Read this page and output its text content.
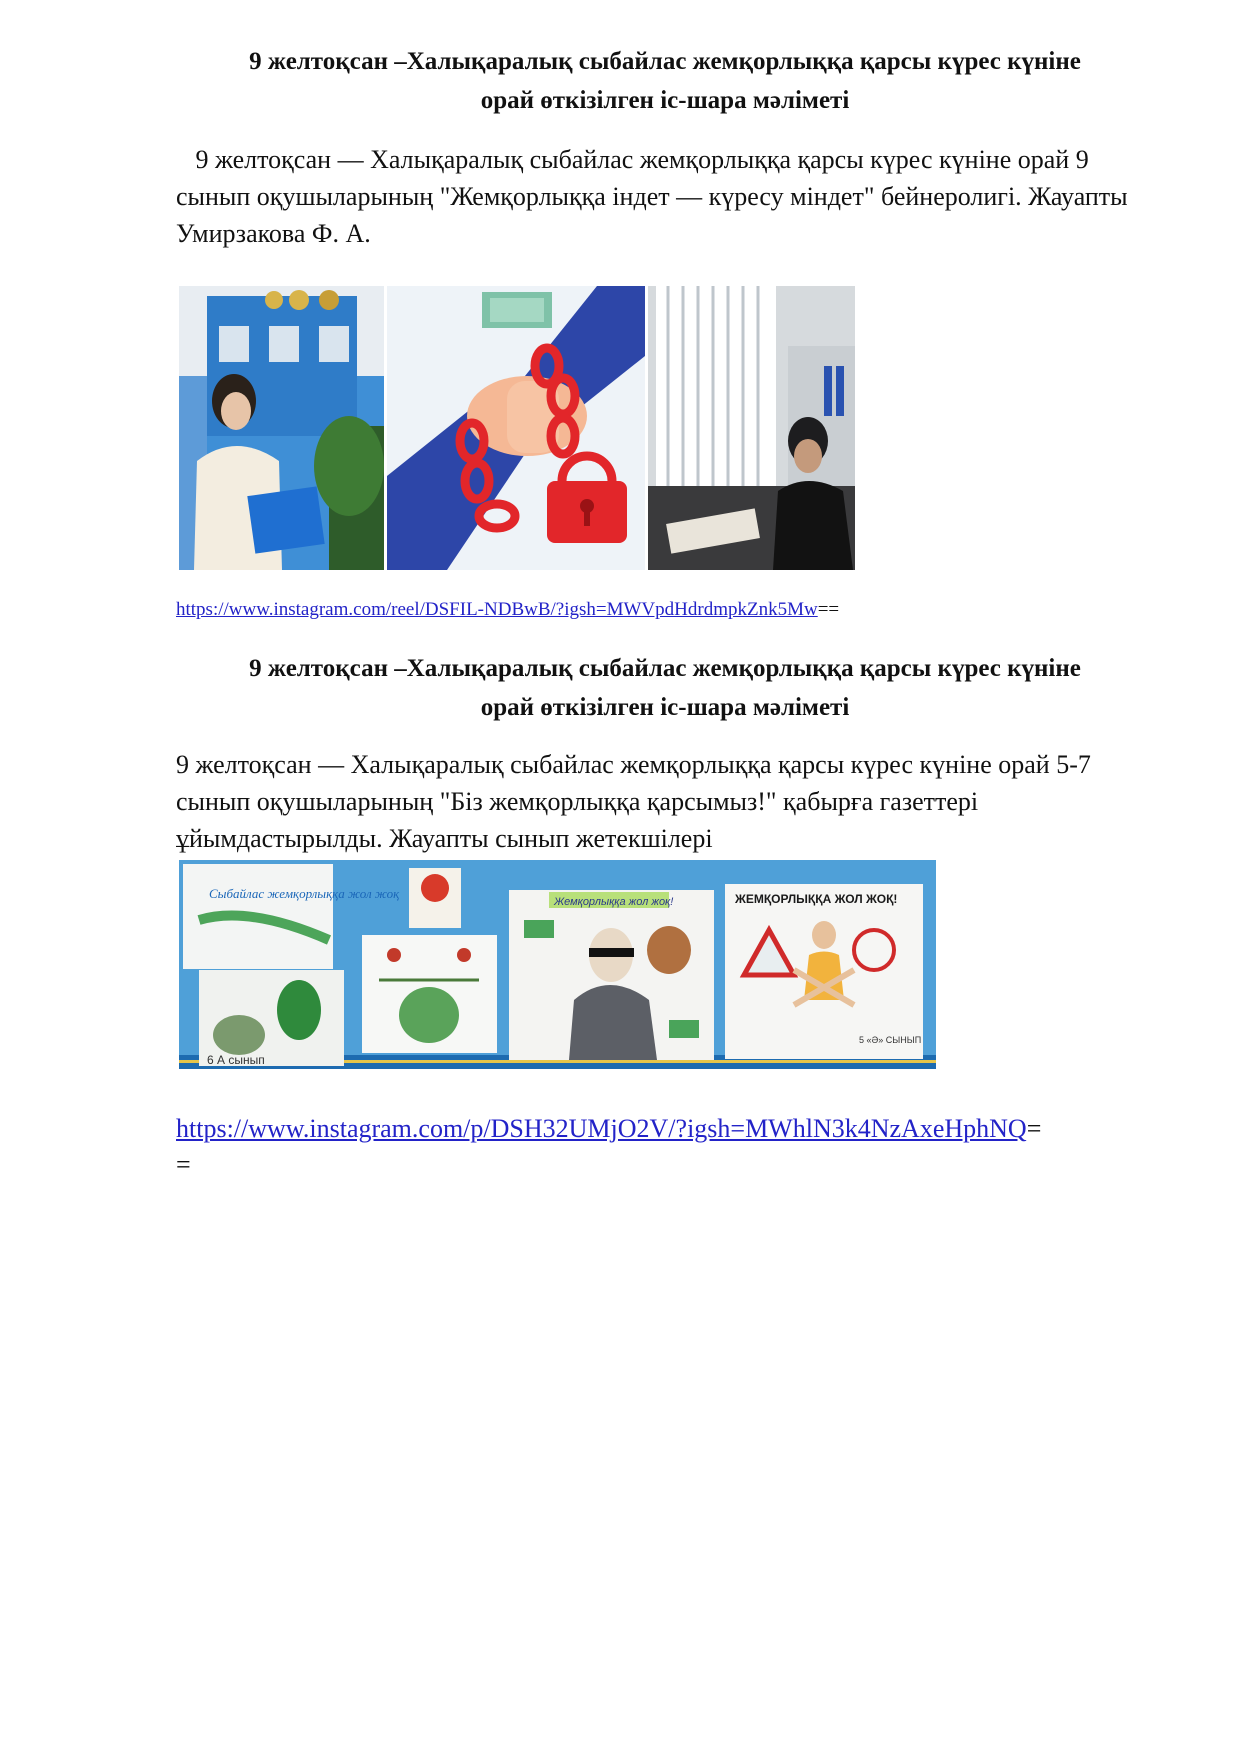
9 желтоқсан –Халықаралық сыбайлас жемқорлыққа қарсы күрес күніне
орай өткізілген іс-шара мәліметі

9 желтоқсан — Халықаралық сыбайлас жемқорлыққа қарсы күрес күніне орай 9 сынып оқушыларының "Жемқорлыққа індет — күресу міндет" бейнеролигі. Жауапты Умирзакова Ф. А.

https://www.instagram.com/reel/DSFIL-NDBwB/?igsh=MWVpdHdrdmpkZnk5Mw==

9 желтоқсан –Халықаралық сыбайлас жемқорлыққа қарсы күрес күніне
орай өткізілген іс-шара мәліметі

9 желтоқсан — Халықаралық сыбайлас жемқорлыққа қарсы күрес күніне орай 5-7 сынып оқушыларының "Біз жемқорлыққа қарсымыз!" қабырға газеттері ұйымдастырылды. Жауапты сынып жетекшілері

Сыбайлас жемқорлыққа жол жоқ
6 А сынып
Жемқорлыққа жол жоқ!	ЖЕМҚОРЛЫҚҚА ЖОЛ ЖОҚ!
5 «Ә» СЫНЫП

https://www.instagram.com/p/DSH32UMjO2V/?igsh=MWhlN3k4NzAxeHphNQ=
=
